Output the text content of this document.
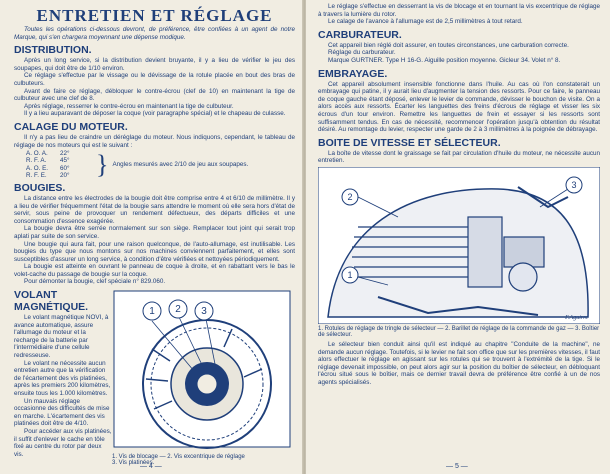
ENTRETIEN ET RÉGLAGE

Toutes les opérations ci-dessous devront, de préférence, être confiées à un agent de notre Marque, qui s'en chargera moyennant une dépense modique.

DISTRIBUTION.

Après un long service, si la distribution devient bruyante, il y a lieu de vérifier le jeu des soupapes, qui doit être de 1/10 environ.

Ce réglage s'effectue par le vissage ou le dévissage de la rotule placée en bout des bras de culbuteurs.

Avant de faire ce réglage, débloquer le contre-écrou (clef de 10) en maintenant la tige de culbuteur avec une clef de 8.

Après réglage, resserrer le contre-écrou en maintenant la tige de culbuteur.

Il y a lieu auparavant de déposer la coque (voir paragraphe spécial) et le chapeau de culasse.

CALAGE DU MOTEUR.

Il n'y a pas lieu de craindre un déréglage du moteur. Nous indiquons, cependant, le tableau de réglage de nos moteurs qui est le suivant :

A. O. A.	22°
R. F. A.	45°
A. O. E.	60°
R. F. E.	20° } Angles mesurés avec 2/10 de jeu aux soupapes.
BOUGIES.

La distance entre les électrodes de la bougie doit être comprise entre 4 et 6/10 de millimètre. Il y a lieu de vérifier fréquemment l'état de la bougie sans attendre le moment où elle sera hors d'état de servir, sous peine de provoquer un rendement défectueux, des départs difficiles et une consommation d'essence exagérée.

La bougie devra être serrée normalement sur son siège. Remplacer tout joint qui serait trop aplati par suite de son service.

Une bougie qui aura fait, pour une raison quelconque, de l'auto-allumage, est inutilisable. Les bougies du type que nous montons sur nos machines conviennent parfaitement, et elles sont susceptibles d'assurer un long service, à condition d'être vérifiées et nettoyées périodiquement.

La bougie est atteinte en ouvrant le panneau de coque à droite, et en rabattant vers le bas le volet-cache du passage de bougie sur la coque.

Pour démonter la bougie, clef spéciale n° 829.060.

VOLANT MAGNÉTIQUE.

Le volant magnétique NOVI, à avance automatique, assure l'allumage du moteur et la recharge de la batterie par l'intermédiaire d'une cellule redresseuse.

Le volant ne nécessite aucun entretien autre que la vérification de l'écartement des vis platinées, après les premiers 200 kilomètres, ensuite tous les 1.000 kilomètres.

Un mauvais réglage occasionne des difficultés de mise en marche. L'écartement des vis platinées doit être de 4/10.

Pour accéder aux vis platinées, il suffit d'enlever le cache en tôle fixé au centre du rotor par deux vis.

1 2 3
1. Vis de blocage — 2. Vis excentrique de réglage
3. Vis platinées.
— 4 —

Le réglage s'effectue en desserrant la vis de blocage et en tournant la vis excentrique de réglage à travers la lumière du rotor.

Le calage de l'avance à l'allumage est de 2,5 millimètres à tout retard.

CARBURATEUR.

Cet appareil bien réglé doit assurer, en toutes circonstances, une carburation correcte.

Réglage du carburateur.

Marque GURTNER. Type H 16-G. Aiguille position moyenne. Gicleur 34. Volet n° 8.

EMBRAYAGE.

Cet appareil absolument insensible fonctionne dans l'huile. Au cas où l'on constaterait un embrayage qui patine, il y aurait lieu d'augmenter la tension des ressorts. Pour ce faire, le panneau de coque gauche étant déposé, enlever le levier de commande, dévisser le bouchon de visite. On a alors accès aux ressorts. Écarter les languettes des freins d'écrous de réglage et visser les six écrous d'un tour environ. Remettre les languettes de frein et essayer si les ressorts sont suffisamment tendus. En cas de nécessité, recommencer l'opération jusqu'à obtention du résultat désiré. Au remontage du levier, respecter une garde de 2 à 3 millimètres à la poignée de débrayage.

BOITE DE VITESSE ET SÉLECTEUR.

La boîte de vitesse dont le graissage se fait par circulation d'huile du moteur, ne nécessite aucun entretien.

2
1
3
F.Aguirre
1. Rotules de réglage de tringle de sélecteur — 2. Barillet de réglage de la commande de gaz — 3. Boîtier de sélecteur.

Le sélecteur bien conduit ainsi qu'il est indiqué au chapitre "Conduite de la machine", ne demande aucun réglage. Toutefois, si le levier ne fait son office que sur les premières vitesses, il faut alors effectuer le réglage en agissant sur les rotules qui se trouvent à l'extrémité de la tige. Si le réglage devenait impossible, on peut alors agir sur la position du boîtier de sélecteur, en débloquant l'écrou situé sous le boîtier, mais ce dernier travail devra de préférence être confié à un de nos agents spécialisés.

— 5 —
